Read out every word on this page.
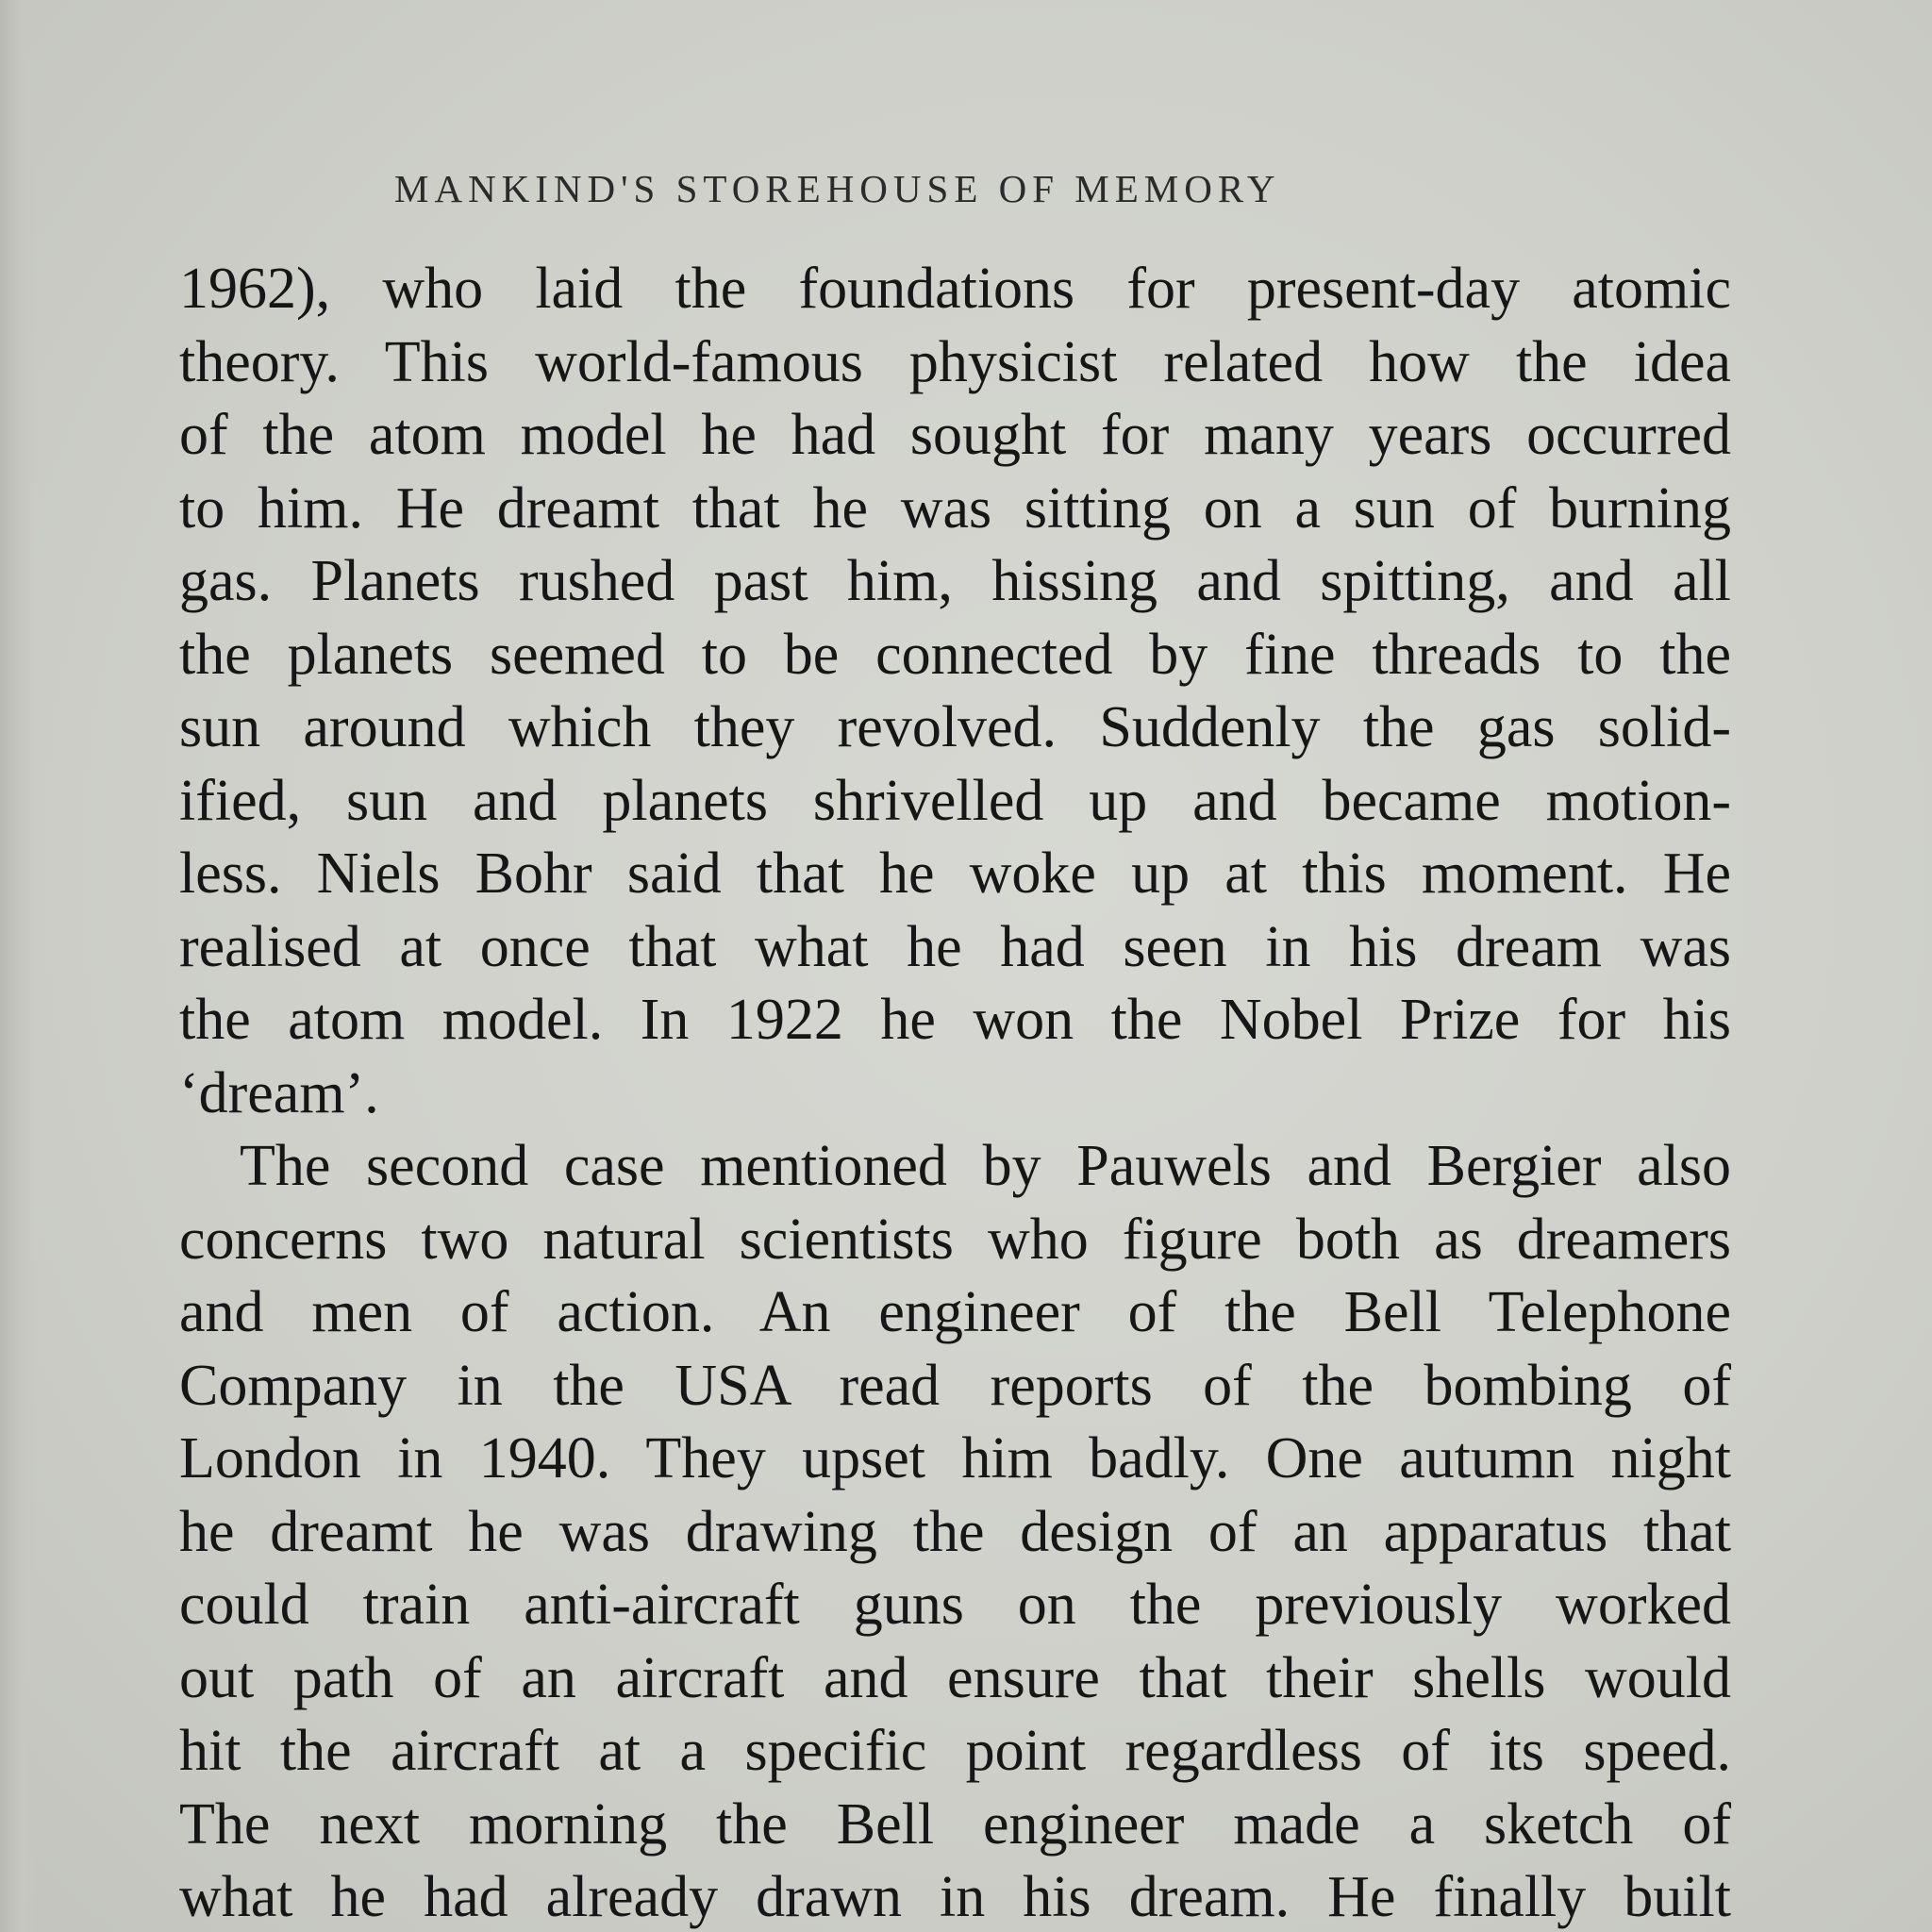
MANKIND'S STOREHOUSE OF MEMORY
1962), who laid the foundations for present-day atomic
theory. This world-famous physicist related how the idea
of the atom model he had sought for many years occurred
to him. He dreamt that he was sitting on a sun of burning
gas. Planets rushed past him, hissing and spitting, and all
the planets seemed to be connected by fine threads to the
sun around which they revolved. Suddenly the gas solid-
ified, sun and planets shrivelled up and became motion-
less. Niels Bohr said that he woke up at this moment. He
realised at once that what he had seen in his dream was
the atom model. In 1922 he won the Nobel Prize for his
‘dream’.
The second case mentioned by Pauwels and Bergier also
concerns two natural scientists who figure both as dreamers
and men of action. An engineer of the Bell Telephone
Company in the USA read reports of the bombing of
London in 1940. They upset him badly. One autumn night
he dreamt he was drawing the design of an apparatus that
could train anti-aircraft guns on the previously worked
out path of an aircraft and ensure that their shells would
hit the aircraft at a specific point regardless of its speed.
The next morning the Bell engineer made a sketch of
what he had already drawn in his dream. He finally built
